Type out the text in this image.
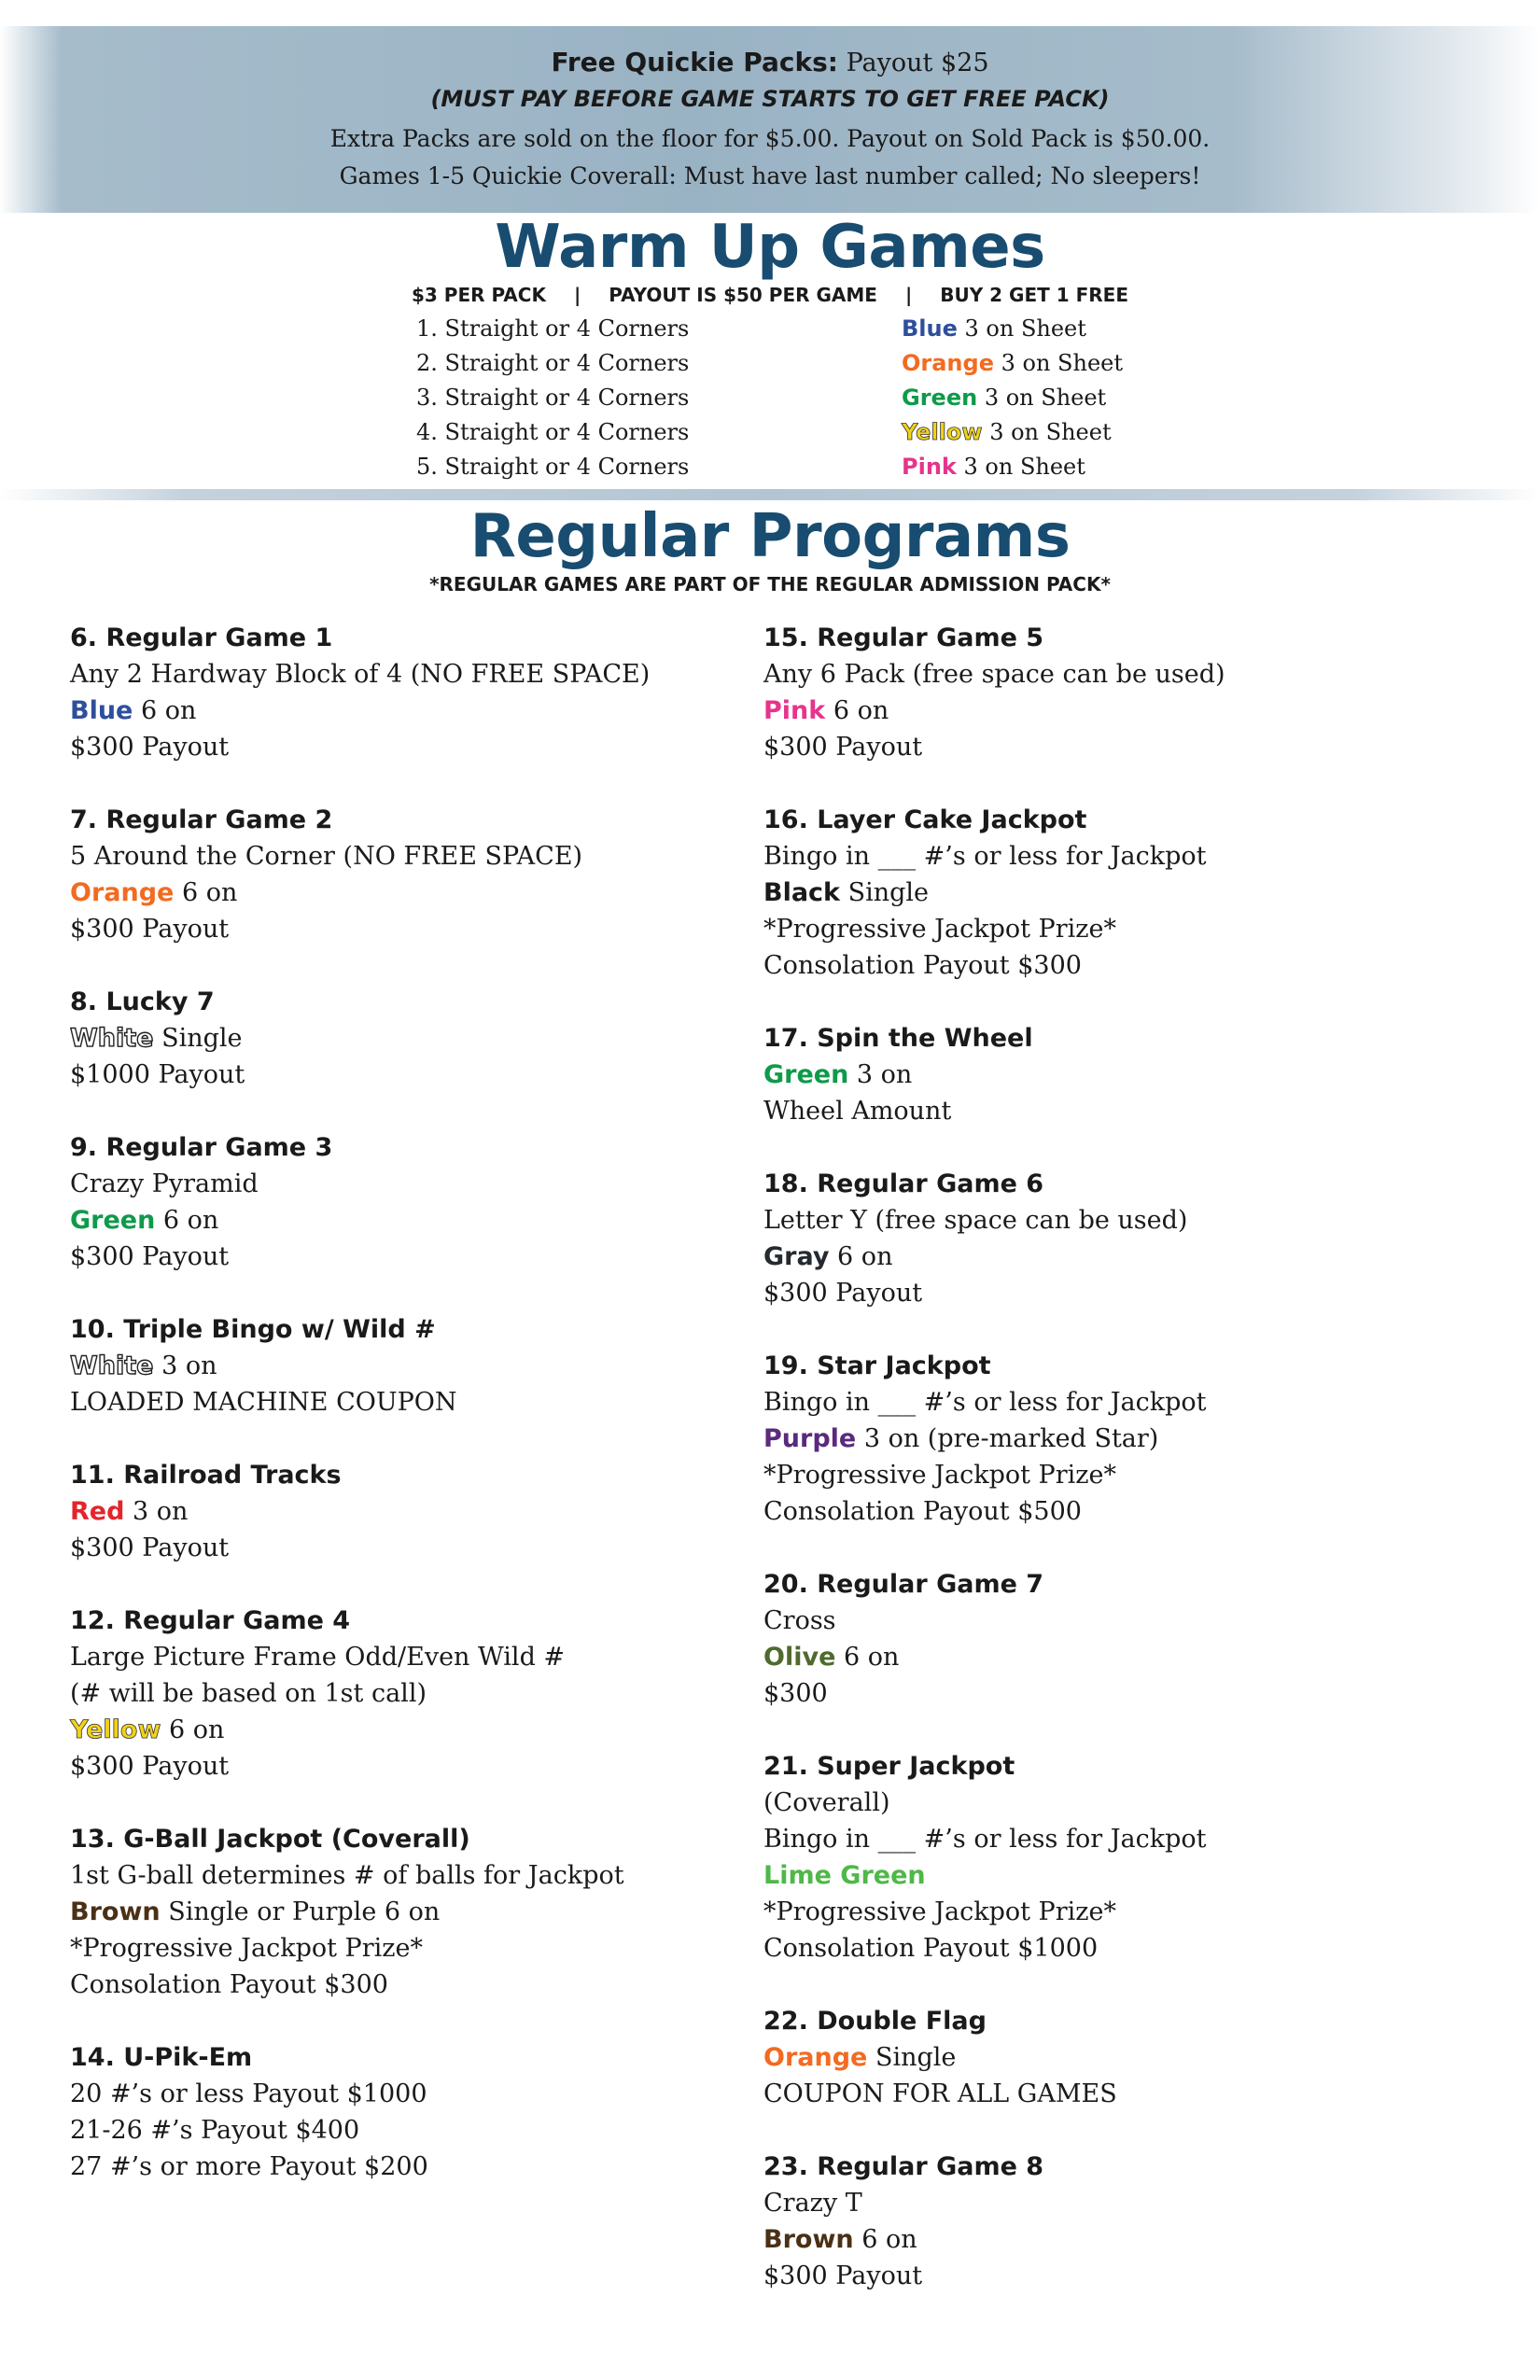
Free Quickie Packs: Payout $25
(MUST PAY BEFORE GAME STARTS TO GET FREE PACK)
Extra Packs are sold on the floor for $5.00. Payout on Sold Pack is $50.00.
Games 1-5 Quickie Coverall: Must have last number called; No sleepers!
Warm Up Games
$3 PER PACK | PAYOUT IS $50 PER GAME | BUY 2 GET 1 FREE
1. Straight or 4 Corners
2. Straight or 4 Corners
3. Straight or 4 Corners
4. Straight or 4 Corners
5. Straight or 4 Corners
Blue 3 on Sheet
Orange 3 on Sheet
Green 3 on Sheet
Yellow 3 on Sheet
Pink 3 on Sheet
Regular Programs
*REGULAR GAMES ARE PART OF THE REGULAR ADMISSION PACK*
6. Regular Game 1
Any 2 Hardway Block of 4 (NO FREE SPACE)
Blue 6 on
$300 Payout
7. Regular Game 2
5 Around the Corner (NO FREE SPACE)
Orange 6 on
$300 Payout
8. Lucky 7
White Single
$1000 Payout
9. Regular Game 3
Crazy Pyramid
Green 6 on
$300 Payout
10. Triple Bingo w/ Wild #
White 3 on
LOADED MACHINE COUPON
11. Railroad Tracks
Red 3 on
$300 Payout
12. Regular Game 4
Large Picture Frame Odd/Even Wild #
(# will be based on 1st call)
Yellow 6 on
$300 Payout
13. G-Ball Jackpot (Coverall)
1st G-ball determines # of balls for Jackpot
Brown Single or Purple 6 on
*Progressive Jackpot Prize*
Consolation Payout $300
14. U-Pik-Em
20 #’s or less Payout $1000
21-26 #’s Payout $400
27 #’s or more Payout $200
15. Regular Game 5
Any 6 Pack (free space can be used)
Pink 6 on
$300 Payout
16. Layer Cake Jackpot
Bingo in ___ #’s or less for Jackpot
Black Single
*Progressive Jackpot Prize*
Consolation Payout $300
17. Spin the Wheel
Green 3 on
Wheel Amount
18. Regular Game 6
Letter Y (free space can be used)
Gray 6 on
$300 Payout
19. Star Jackpot
Bingo in ___ #’s or less for Jackpot
Purple 3 on (pre-marked Star)
*Progressive Jackpot Prize*
Consolation Payout $500
20. Regular Game 7
Cross
Olive 6 on
$300
21. Super Jackpot
(Coverall)
Bingo in ___ #’s or less for Jackpot
Lime Green
*Progressive Jackpot Prize*
Consolation Payout $1000
22. Double Flag
Orange Single
COUPON FOR ALL GAMES
23. Regular Game 8
Crazy T
Brown 6 on
$300 Payout
